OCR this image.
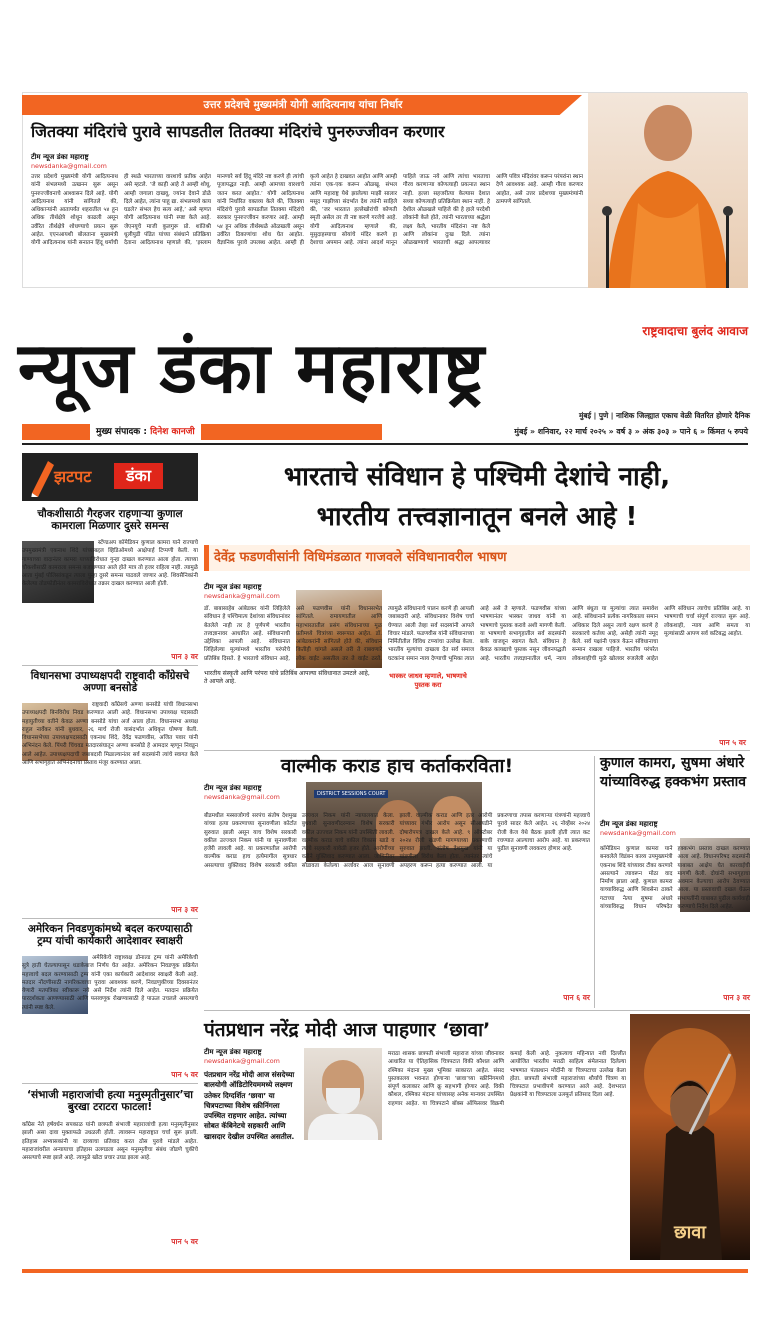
उत्तर प्रदेशचे मुख्यमंत्री योगी आदित्यनाथ यांचा निर्धार
जितक्या मंदिरांचे पुरावे सापडतील तितक्या मंदिरांचे पुनरुज्जीवन करणार
टीम न्यूज डंका महाराष्ट्र
newsdanka@gmail.com
उत्तर प्रदेशचे मुख्यमंत्री योगी आदित्यनाथ यांनी संभलमध्ये उत्खनन सुरू असून पुनरुज्जीवनाचे आश्वासन दिले आहे. योगी आदित्यनाथ यांनी सांगितले की, अधिकाऱ्यांनी आतापर्यंत शहरातील ५४ हून अधिक तीर्थक्षेत्रे शोधून काढली असून उर्वरित तीर्थक्षेत्रे शोधण्याचे प्रयत्न सुरू आहेत. एएनआयशी बोलताना मुख्यमंत्री योगी आदित्यनाथ यांनी सनातन हिंदू धर्माची ही स्थळे भारताच्या वारशाचे प्रतीक आहेत असे म्हटले. ‘जे काही आहे ते आम्ही शोधू, आम्ही जगाला दाखवू, ज्यांना देवाने डोळे दिले आहेत, त्यांना पाहू द्या. संभलमध्ये काय घडले? संभल हेच सत्य आहे,’ असे म्हणत योगी आदित्यनाथ यांनी स्पष्ट केले आहे. जेएनयूचे माजी कुलगुरू प्रो. शांतिश्री धुलीपुडी पंडित यांच्या संबंधाने प्रतिक्रिया देताना आदित्यनाथ म्हणाले की, ‘इस्लाम मानणारे सर्व हिंदू मंदिरे नष्ट करणे ही त्यांची पूजापद्धत नाही. आम्ही आमच्या वारशाचे जतन करत आहोत.’ योगी आदित्यनाथ यांनी निर्धारित वक्तव्य केले की, जितक्या मंदिरांचे पुरावे सापडतील तितक्या मंदिरांचे सरकार पुनरुज्जीवन करणार आहे. आम्ही ५४ हून अधिक तीर्थस्थळे ओळखली असून उर्वरित ठिकाणांचा शोध घेत आहोत. वैज्ञानिक पुरावे उपलब्ध आहेत. आम्ही ही कृत्ये आहेत हे दाखवत आहोत आणि आम्ही त्यांना एक-एक करून ओळखू. संभल आणि महाराष्ट्र येथे झालेल्या माझी सालार मसूद गाझीच्या संदर्भात देश त्यांनी साहिले की, ‘जर भारतात हल्लेखोरांची कोणती स्मृती असेल तर ती नष्ट करणे गरजेचे आहे. योगी आदित्यनाथ म्हणाले की, मुसुदाहस्याचा सोयांचे मंदिर करणे हा देशाचा अपमान आहे. त्यांना आदर्श मानून पाहिले जाऊ नये आणि त्यांचा भारताचा गौरव करणाऱ्या कोणत्याही प्रयत्नात स्थान नाही. हल्ला सहजरीत्या केल्यास देशात सध्या कोणत्याही प्रतिक्रियेला स्थान नाही. हे देशील ओळखले पाहिजे की हे हाले परदेशी लोकांनी केले होते, त्यांनी भारताच्या श्रद्धेला लक्ष्य केले, भारतीय मंदिरांना नष्ट केले आणि लोकांना दुःख दिले. त्यांना ओळखण्याचे भारताची श्रद्धा आपल्यावर आणि पवित्र मंदिरांवर करून परंपरांना स्थान देणे आवश्यक आहे. आम्ही गौरव करणार आहोत, असे उत्तर प्रदेशच्या मुख्यमंत्र्यांनी ठामपणे सांगितले.
राष्ट्रवादाचा बुलंद आवाज
न्यूज डंका महाराष्ट्र
मुंबई | पुणे | नाशिक जिल्ह्यात एकाच वेळी वितरित होणारे दैनिक
मुख्य संपादक : दिनेश कानजी	मुंबई » शनिवार, २२ मार्च २०२५ » वर्ष ३ » अंक ३०३ » पाने ६ » किंमत ५ रुपये
झटपट	डंका
चौकशीसाठी गैरहजर राहणाऱ्या कुणाल कामराला मिळणार दुसरे समन्स
स्टॅण्डअप कॉमेडियन कुणाल कामरा याने राज्याचे उपमुख्यमंत्री एकनाथ शिंदे यांच्याबद्दल व्हिडिओमध्ये आक्षेपार्ह टिप्पणी केली. या गाण्याच्या वादानंतर कामरा याच्याविरोधात गुन्हा दाखल करण्यात आला होता. त्याच्या चौकशीसाठी कामराला समन्स बजावण्यात आले होते मात्र तो हजर राहिला नाही. त्यामुळे आता मुंबई पोलिसांकडून त्याला पुन्हा दुसरे समन्स पाठवले जाणार आहे. शिवसैनिकांनी केलेल्या तोडफोडीनंतर कामराविरोधात तक्रार दाखल करण्यात आली होती.
पान ३ वर
विधानसभा उपाध्यक्षपदी राष्ट्रवादी काँग्रेसचे अण्णा बनसोडे
राष्ट्रवादी काँग्रेसचे अण्णा बनसोडे यांची विधानसभा उपाध्यक्षपदी बिनविरोध निवड करण्यात आली आहे. विधानसभा उपाध्यक्ष पदासाठी महायुतीच्या वतीने केवळ अण्णा बनसोडे यांचा अर्ज आला होता. विधानसभा अध्यक्ष राहुल नार्वेकर यांनी बुधवार, २६ मार्च रोजी यासंदर्भात अधिकृत घोषणा केली. विधानसभेच्या उपाध्यक्षपदासाठी एकनाथ शिंदे, देवेंद्र फडणवीस, अजित पवार यांनी अभिनंदन केले. पिंपरी चिंचवड मतदारसंघातून अण्णा बनसोडे हे आमदार म्हणून निवडून आले आहेत. उपाध्यक्षपदाची जबाबदारी मिळाल्यानंतर सर्व सदस्यांनी त्यांचे स्वागत केले आणि सभागृहात अभिनंदनाचा प्रस्ताव मंजूर करण्यात आला.
पान ३ वर
अमेरिकन निवडणुकांमध्ये बदल करण्यासाठी ट्रम्प यांची कार्यकारी आदेशावर स्वाक्षरी
अमेरिकेचे राष्ट्राध्यक्ष डोनाल्ड ट्रम्प यांनी अमेरिकेची सुत्रे हाती घेतल्यापासून धडाकेबाज निर्णय घेत आहेत. अमेरिकन निवडणूक प्रक्रियेत महत्त्वाचे बदल करण्यासाठी ट्रम्प यांनी एका कार्यकारी आदेशावर स्वाक्षरी केली आहे. मतदार नोंदणीसाठी नागरिकत्वाचा पुरावा आवश्यक करणे, निवडणुकीच्या दिवसानंतर येणारी मतपत्रिका स्वीकारू नये असे निर्देश त्यांनी दिले आहेत. मतदान प्रक्रियेत पारदर्शकता आणण्यासाठी आणि फसवणूक रोखण्यासाठी हे पाऊल उचलले असल्याचे त्यांनी स्पष्ट केले.
पान ५ वर
‘संभाजी महाराजांची हत्या मनुस्मृतीनुसार’चा बुरखा टराटरा फाटला!
काँग्रेस नेते हर्षवर्धन सपकाळ यांनी छत्रपती संभाजी महाराजांची हत्या मनुस्मृतीनुसार झाली असा दावा मुक्ताफळे उधळली होती. त्यावरून महाराष्ट्रात चर्चा सुरू झाली. इतिहास अभ्यासकांनी या दाव्याचा प्रतिवाद करत ठोस पुरावे मांडले आहेत. महाराजांवरील अन्यायाचा इतिहास उलगडला असून मनुस्मृतीचा संबंध जोडणे चुकीचे असल्याचे स्पष्ट झाले आहे. त्यामुळे खोटा प्रचार उघड झाला आहे.
पान ५ वर
भारताचे संविधान हे पश्चिमी देशांचे नाही,
भारतीय तत्त्वज्ञानातून बनले आहे !
देवेंद्र फडणवीसांनी विधिमंडळात गाजवले संविधानावरील भाषण
टीम न्यूज डंका महाराष्ट्र
newsdanka@gmail.com
भास्कर जाधव म्हणाले, भाषणाचे पुस्तक करा
डॉ. बाबासाहेब आंबेडकर यांनी लिहिलेले संविधान हे पश्चिमात्य देशांच्या संविधानांवर बेतलेले नाही तर हे पूर्णपणे भारतीय तत्त्वज्ञानावर आधारित आहे. संविधानाची उद्देशिका आपली आहे. संविधानात लिहिलेल्या मूल्यांमध्ये भारतीय परंपरेचे प्रतिबिंब दिसते. हे भारताचे संविधान आहे, असे फडणवीस यांनी विधानसभेत सांगितले. रामायणातील आणि महाभारतातील प्रसंग संविधानाच्या मूळ प्रतीमध्ये चित्रांच्या स्वरूपात आहेत. डॉ. आंबेडकरांनी सांगितले होते की, संविधान कितीही चांगले असले तरी ते राबवणारे लोक वाईट असतील तर ते वाईट ठरते. त्यामुळे संविधानाचे पालन करणे ही आपली जबाबदारी आहे. संविधानावर विशेष चर्चा घेण्यात आली तेव्हा सर्व सदस्यांनी आपले विचार मांडले. फडणवीस यांनी संविधानाच्या निर्मितीतील विविध टप्प्यांचा उल्लेख केला. भारतीय मूल्यांचा दाखला देत सर्व समाज घटकांना समान न्याय देण्याची भूमिका त्यात आहे असे ते म्हणाले. फडणवीस यांच्या भाषणानंतर भास्कर जाधव यांनी या भाषणाचे पुस्तक करावे अशी मागणी केली. या भाषणाचे सभागृहातील सर्व सदस्यांनी बाके वाजवून स्वागत केले. संविधान हे केवळ कायद्याचे पुस्तक नसून जीवनपद्धती आहे. भारतीय तत्त्वज्ञानातील धर्म, न्याय आणि बंधुता या मूल्यांचा त्यात समावेश आहे. संविधानाने प्रत्येक नागरिकाला समान अधिकार दिले असून त्याचे रक्षण करणे हे सरकारचे कर्तव्य आहे, असेही त्यांनी नमूद केले. सर्व पक्षांनी एकत्र येऊन संविधानाचा सन्मान राखला पाहिजे. भारतीय परंपरेत लोकशाहीची मुळे खोलवर रुजलेली आहेत आणि संविधान त्याचेच प्रतिबिंब आहे. या भाषणाची चर्चा संपूर्ण राज्यात सुरू आहे. लोकशाही, न्याय आणि समता या मूल्यांसाठी आपण सर्व कटिबद्ध आहोत.
भारतीय संस्कृती आणि परंपरा यांचे प्रतिबिंब आपल्या संविधानात उमटले आहे, ते आपले आहे.
पान ५ वर
वाल्मीक कराड हाच कर्ताकरविता!
टीम न्यूज डंका महाराष्ट्र
newsdanka@gmail.com	DISTRICT SESSIONS COURT
बीडमधील मस्साजोगचे सरपंच संतोष देशमुख यांच्या हत्या प्रकरणाच्या सुनावणीला कोर्टात सुरुवात झाली असून याच विशेष सरकारी वकील उज्ज्वल निकम यांनी या सुनावणीला हजेरी लावली आहे. या प्रकरणातील आरोपी वाल्मीक कराड हाच हत्येमागील सूत्रधार असल्याचा युक्तिवाद विशेष सरकारी वकील उज्ज्वल निकम यांनी न्यायालयात केला. बुधवारी सुनावणीदरम्यान विशेष सरकारी वकील उज्ज्वल निकम यांनी उपस्थिती लावली. वाल्मीक कराड याचे वकील विकास खाडे व त्यांचे सहकारी यावेळी हजर होते. आरोपींच्या वतीने युक्तिवाद करण्यात आला. जामिनीवर सोडावता केलेल्या अर्जावर आज सुनावणी झाली. वाल्मीक कराड आणि इतर आरोपी यांच्यावर गंभीर आरोप असून सीआयडीने दोषारोपपत्र दाखल केले आहे. ९ ऑक्टोबर २०२४ रोजी खंडणी मागण्याच्या प्रकरणाची सुरुवात झाली. संतोष देशमुख यांनी या खंडणीला विरोध केला होता. त्यानंतर त्यांचे अपहरण करून हत्या करण्यात आली. या प्रकरणाचा तपास करणाऱ्या यंत्रणांनी महत्त्वाचे पुरावे सादर केले आहेत. २६ नोव्हेंबर २०२४ रोजी केज येथे बैठक झाली होती त्यात कट रचण्यात आल्याचा आरोप आहे. या प्रकरणात पुढील सुनावणी लवकरच होणार आहे.
पान ६ वर
कुणाल कामरा, सुषमा अंधारे यांच्याविरुद्ध हक्कभंग प्रस्ताव
टीम न्यूज डंका महाराष्ट्र
newsdanka@gmail.com
कॉमेडियन कुणाल कामरा याने बनवलेले विडंबन काव्य उपमुख्यमंत्री एकनाथ शिंदे यांच्यावर टीका करणारे असल्याने त्यावरून मोठा वाद निर्माण झाला आहे. कुणाल कामरा याच्याविरुद्ध आणि शिवसेना ठाकरे गटाच्या नेत्या सुषमा अंधारे यांच्याविरुद्ध विधान परिषदेत हक्कभंग प्रस्ताव दाखल करण्यात आला आहे. विधानपरिषद सदस्यांनी याबाबत आक्षेप घेत कारवाईची मागणी केली. दोघांनी सभागृहाचा अवमान केल्याचा आरोप ठेवण्यात आला. या प्रस्तावाची दखल घेऊन सभापतींनी याबाबत पुढील कार्यवाही करण्याचे निर्देश दिले आहेत.
पान ३ वर
पंतप्रधान नरेंद्र मोदी आज पाहणार ‘छावा’
टीम न्यूज डंका महाराष्ट्र
newsdanka@gmail.com
पंतप्रधान नरेंद्र मोदी आज संसदेच्या बालयोगी ऑडिटोरियममध्ये लक्ष्मण उतेकर दिग्दर्शित ‘छावा’ या चित्रपटाच्या विशेष स्क्रीनिंगला उपस्थित राहणार आहेत. त्यांच्या सोबत कॅबिनेटचे सहकारी आणि खासदार देखील उपस्थित असतील.
मराठा शासक छत्रपती संभाजी महाराज यांच्या जीवनावर आधारित या ऐतिहासिक चित्रपटात विकी कौशल आणि रश्मिका मंदाना मुख्य भूमिका साकारत आहेत. संसद पुस्तकालय भवनात होणाऱ्या ‘छावा’च्या स्क्रीनिंगमध्ये संपूर्ण कलाकार आणि क्रू सहभागी होणार आहे. विकी कौशल, रश्मिका मंदाना यांच्यासह अनेक मान्यवर उपस्थित राहणार आहेत. या चित्रपटाने बॉक्स ऑफिसवर विक्रमी कमाई केली आहे. नुकत्याच महिन्यात नवी दिल्लीत आयोजित भारतीय मराठी साहित्य संमेलनात दिलेल्या भाषणात पंतप्रधान मोदींनी या चित्रपटाचा उल्लेख केला होता. छत्रपती संभाजी महाराजांच्या शौर्याचे चित्रण या चित्रपटात प्रभावीपणे करण्यात आले आहे. देशभरात प्रेक्षकांनी या चित्रपटाला उत्स्फूर्त प्रतिसाद दिला आहे.
छावा
